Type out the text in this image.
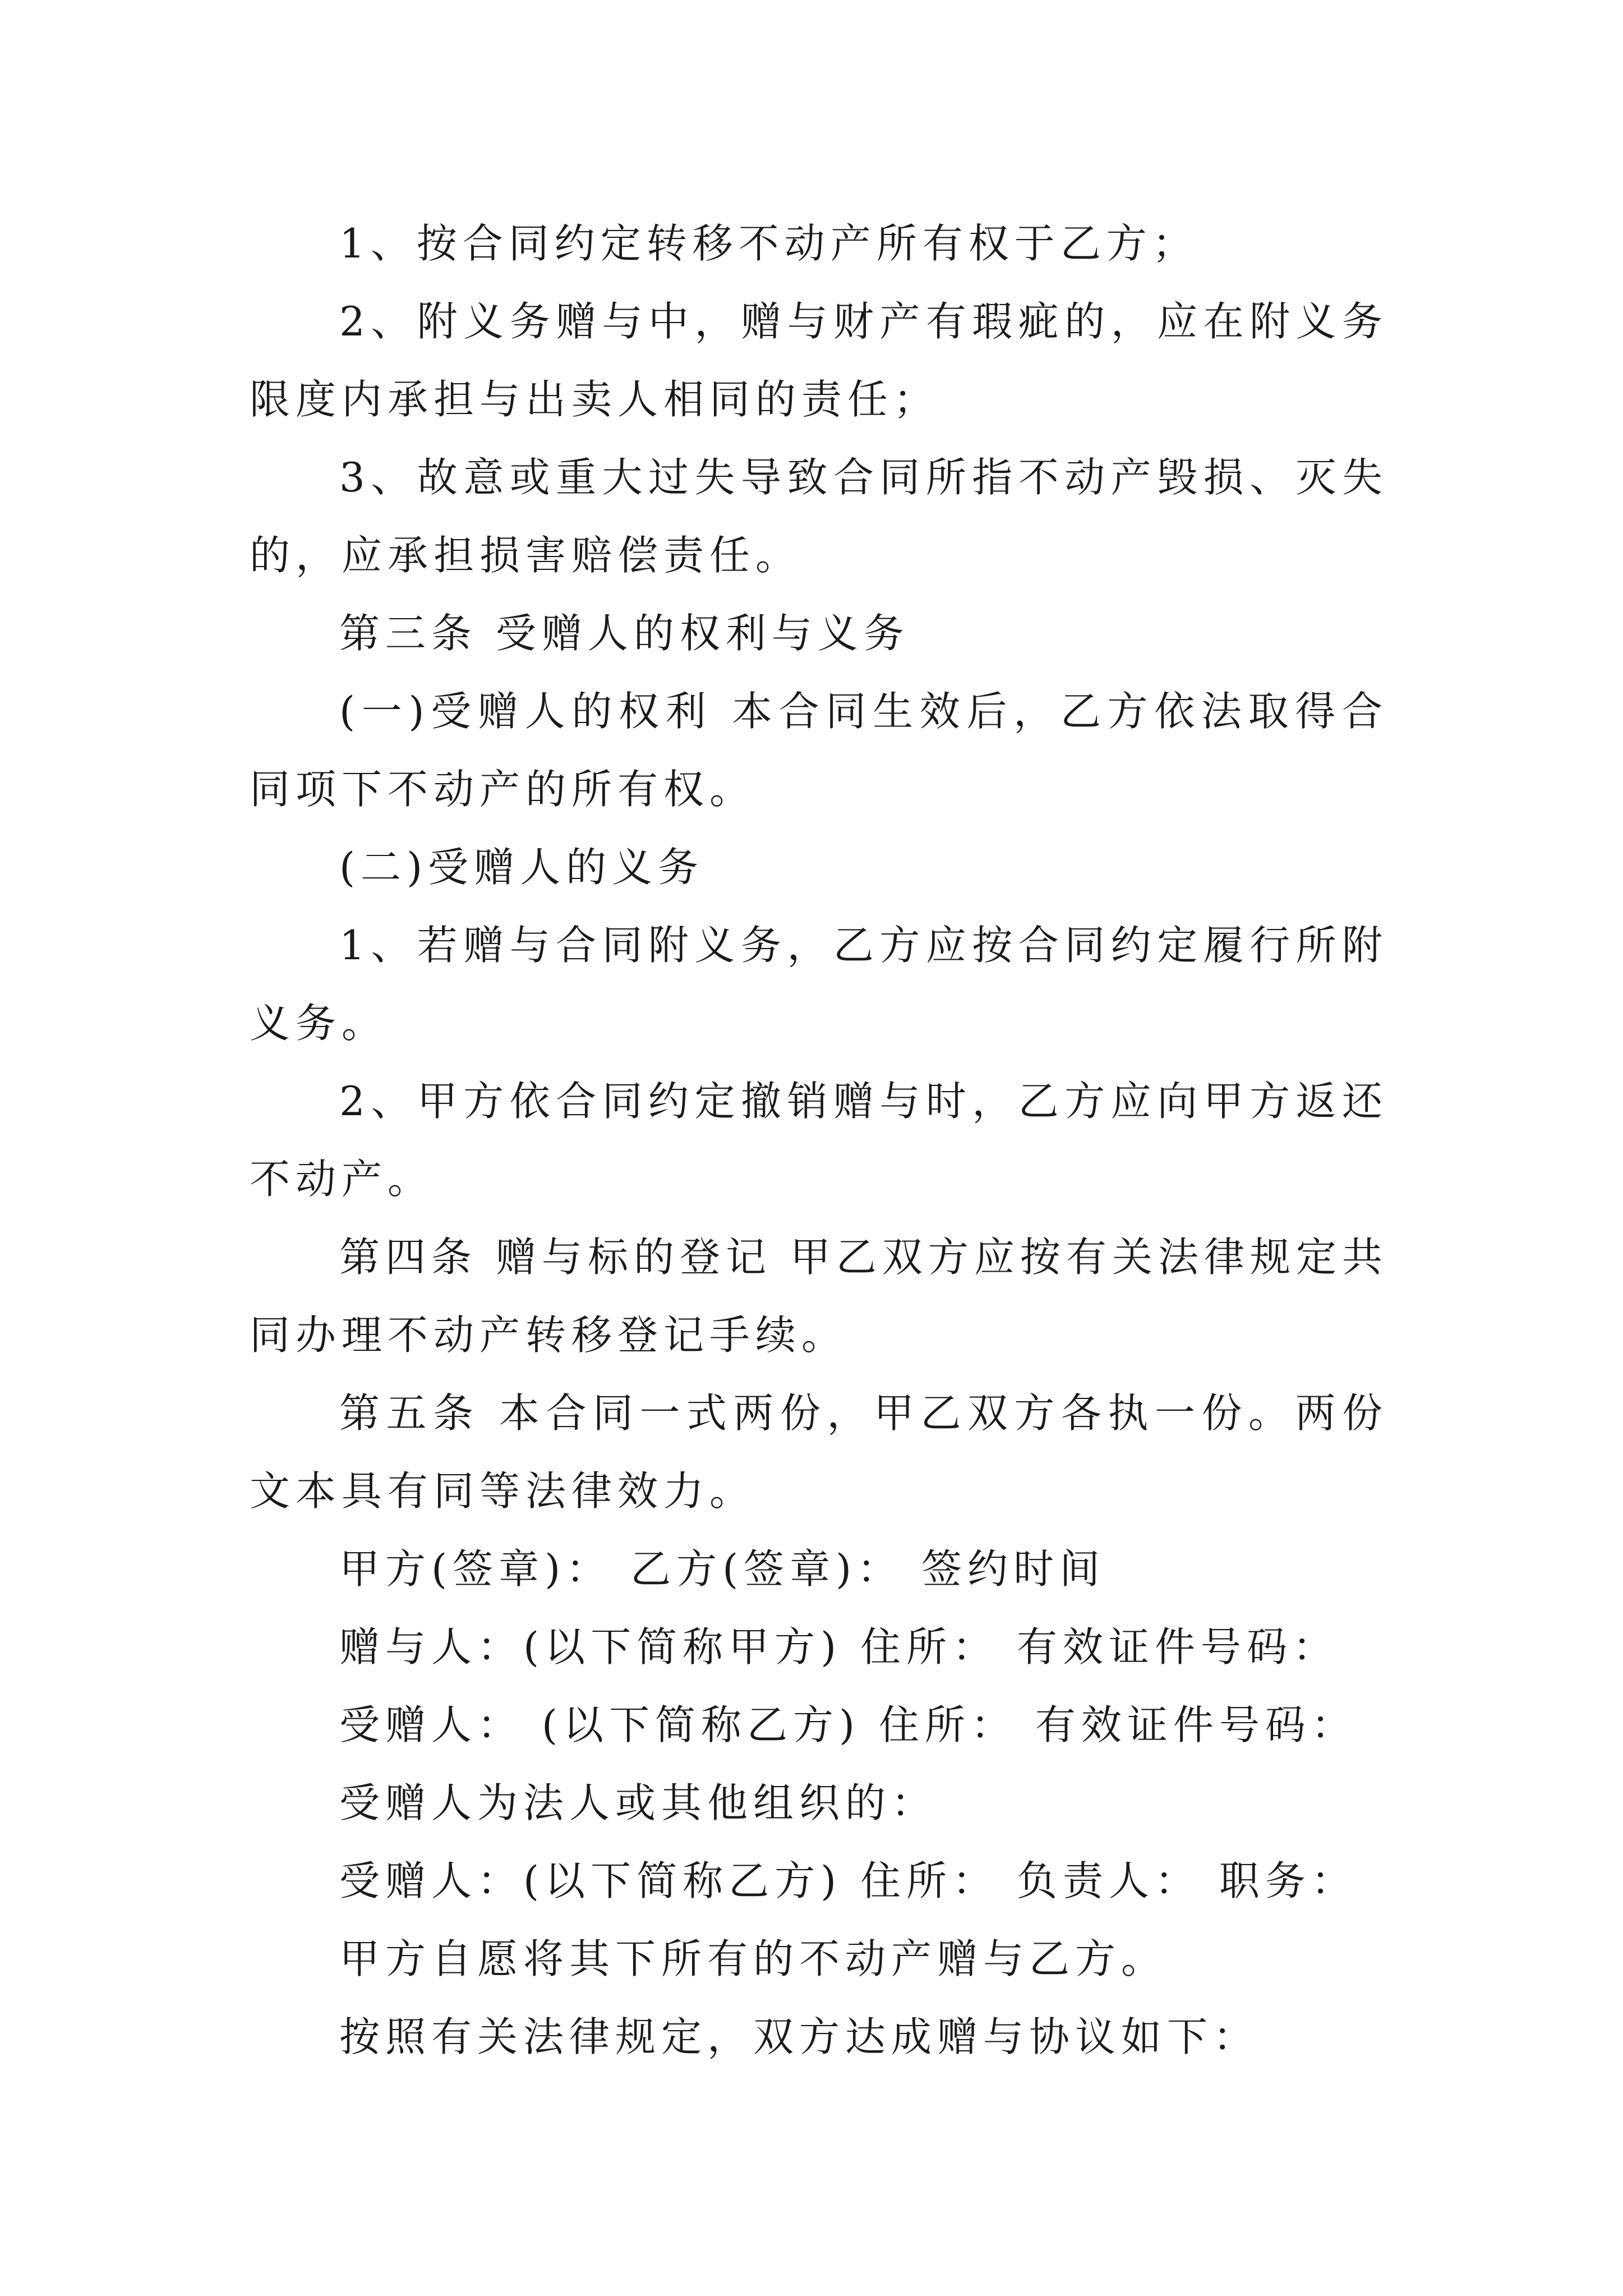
1、按合同约定转移不动产所有权于乙方；

2、附义务赠与中，赠与财产有瑕疵的，应在附义务限度内承担与出卖人相同的责任；

3、故意或重大过失导致合同所指不动产毁损、灭失的，应承担损害赔偿责任。

第三条 受赠人的权利与义务

(一)受赠人的权利 本合同生效后，乙方依法取得合同项下不动产的所有权。

(二)受赠人的义务

1、若赠与合同附义务，乙方应按合同约定履行所附义务。

2、甲方依合同约定撤销赠与时，乙方应向甲方返还不动产。

第四条 赠与标的登记 甲乙双方应按有关法律规定共同办理不动产转移登记手续。

第五条 本合同一式两份，甲乙双方各执一份。两份文本具有同等法律效力。

甲方(签章)： 乙方(签章)： 签约时间

赠与人：(以下简称甲方) 住所： 有效证件号码：

受赠人： (以下简称乙方) 住所： 有效证件号码：

受赠人为法人或其他组织的：

受赠人：(以下简称乙方) 住所： 负责人： 职务：

甲方自愿将其下所有的不动产赠与乙方。

按照有关法律规定，双方达成赠与协议如下：
